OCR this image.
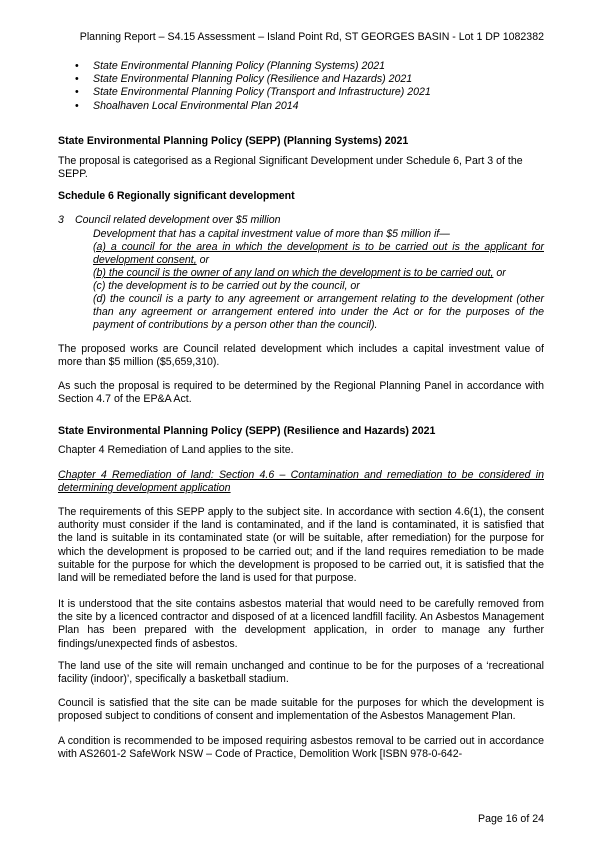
Planning Report – S4.15 Assessment – Island Point Rd, ST GEORGES BASIN - Lot 1 DP 1082382
• State Environmental Planning Policy (Planning Systems) 2021
• State Environmental Planning Policy (Resilience and Hazards) 2021
• State Environmental Planning Policy (Transport and Infrastructure) 2021
• Shoalhaven Local Environmental Plan 2014
State Environmental Planning Policy (SEPP) (Planning Systems) 2021
The proposal is categorised as a Regional Significant Development under Schedule 6, Part 3 of the SEPP.
Schedule 6 Regionally significant development
3 Council related development over $5 million
Development that has a capital investment value of more than $5 million if—
(a) a council for the area in which the development is to be carried out is the applicant for development consent, or
(b) the council is the owner of any land on which the development is to be carried out, or
(c) the development is to be carried out by the council, or
(d) the council is a party to any agreement or arrangement relating to the development (other than any agreement or arrangement entered into under the Act or for the purposes of the payment of contributions by a person other than the council).
The proposed works are Council related development which includes a capital investment value of more than $5 million ($5,659,310).
As such the proposal is required to be determined by the Regional Planning Panel in accordance with Section 4.7 of the EP&A Act.
State Environmental Planning Policy (SEPP) (Resilience and Hazards) 2021
Chapter 4 Remediation of Land applies to the site.
Chapter 4 Remediation of land: Section 4.6 – Contamination and remediation to be considered in determining development application
The requirements of this SEPP apply to the subject site. In accordance with section 4.6(1), the consent authority must consider if the land is contaminated, and if the land is contaminated, it is satisfied that the land is suitable in its contaminated state (or will be suitable, after remediation) for the purpose for which the development is proposed to be carried out; and if the land requires remediation to be made suitable for the purpose for which the development is proposed to be carried out, it is satisfied that the land will be remediated before the land is used for that purpose.
It is understood that the site contains asbestos material that would need to be carefully removed from the site by a licenced contractor and disposed of at a licenced landfill facility. An Asbestos Management Plan has been prepared with the development application, in order to manage any further findings/unexpected finds of asbestos.
The land use of the site will remain unchanged and continue to be for the purposes of a ‘recreational facility (indoor)’, specifically a basketball stadium.
Council is satisfied that the site can be made suitable for the purposes for which the development is proposed subject to conditions of consent and implementation of the Asbestos Management Plan.
A condition is recommended to be imposed requiring asbestos removal to be carried out in accordance with AS2601-2 SafeWork NSW – Code of Practice, Demolition Work [ISBN 978-0-642-
Page 16 of 24
